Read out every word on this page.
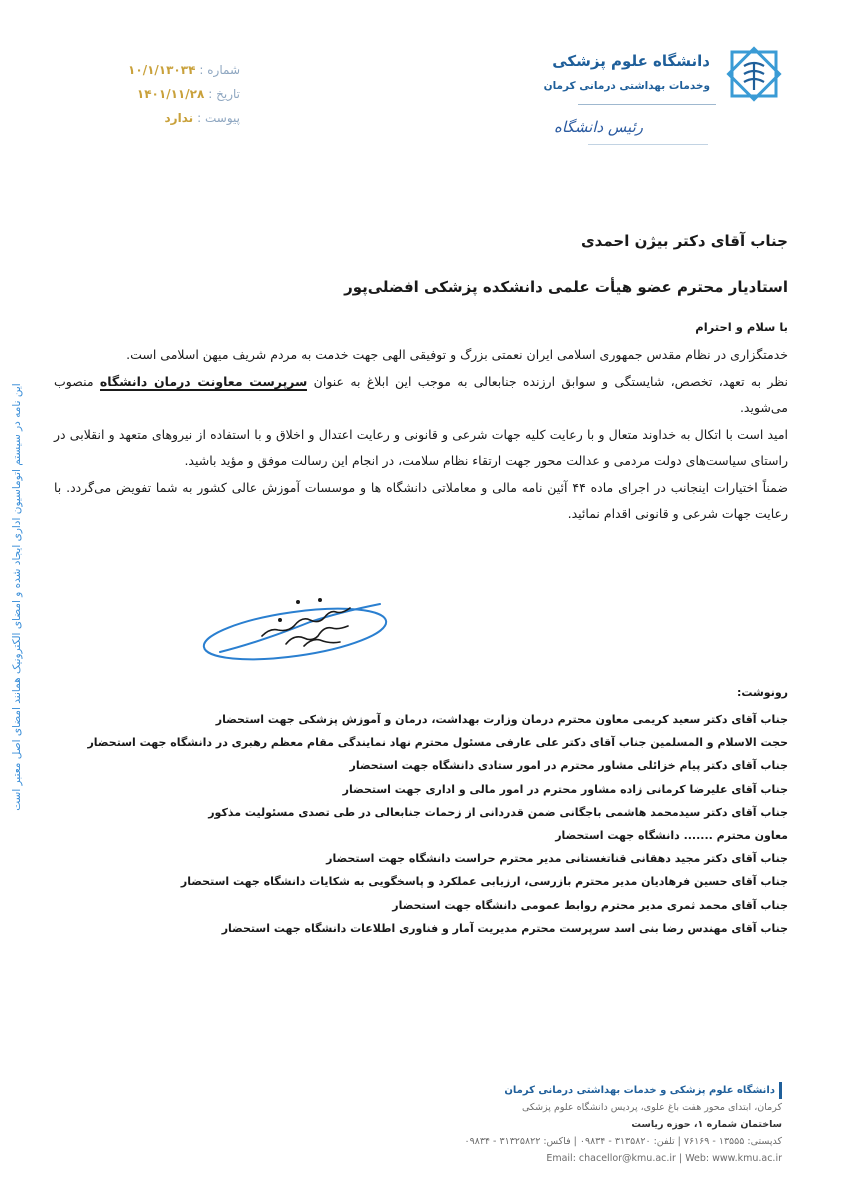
دانشگاه علوم پزشکی
وخدمات بهداشتی درمانی کرمان
رئیس دانشگاه
شماره :
۱۰/۱/۱۳۰۳۴
تاریخ :
۱۴۰۱/۱۱/۲۸
پیوست :
ندارد
جناب آقای دکتر بیژن احمدی
استادیار محترم عضو هیأت علمی دانشکده پزشکی افضلی‌پور
با سلام و احترام

خدمتگزاری در نظام مقدس جمهوری اسلامی ایران نعمتی بزرگ و توفیقی الهی جهت خدمت به مردم شریف میهن اسلامی است.

نظر به تعهد، تخصص، شایستگی و سوابق ارزنده جنابعالی به موجب این ابلاغ به عنوان سرپرست معاونت درمان دانشگاه منصوب می‌شوید.

امید است با اتکال به خداوند متعال و با رعایت کلیه جهات شرعی و قانونی و رعایت اعتدال و اخلاق و با استفاده از نیروهای متعهد و انقلابی در راستای سیاست‌های دولت مردمی و عدالت محور جهت ارتقاء نظام سلامت، در انجام این رسالت موفق و مؤید باشید.

ضمناً اختیارات اینجانب در اجرای ماده ۴۴ آئین نامه مالی و معاملاتی دانشگاه ها و موسسات آموزش عالی کشور به شما تفویض می‌گردد. با رعایت جهات شرعی و قانونی اقدام نمائید.

رونوشت:
جناب آقای دکتر سعید کریمی معاون محترم درمان وزارت بهداشت، درمان و آموزش پزشکی جهت استحضار
حجت الاسلام و المسلمین جناب آقای دکتر علی عارفی مسئول محترم نهاد نمایندگی مقام معظم رهبری در دانشگاه جهت استحضار
جناب آقای دکتر پیام خزائلی مشاور محترم در امور ستادی دانشگاه جهت استحضار
جناب آقای علیرضا کرمانی زاده مشاور محترم در امور مالی و اداری جهت استحضار
جناب آقای دکتر سیدمحمد هاشمی باجگانی ضمن قدردانی از زحمات جنابعالی در طی تصدی مسئولیت مذکور
معاون محترم ....... دانشگاه جهت استحضار
جناب آقای دکتر مجید دهقانی قناتغستانی مدیر محترم حراست دانشگاه جهت استحضار
جناب آقای حسین فرهادیان مدیر محترم بازرسی، ارزیابی عملکرد و پاسخگویی به شکایات دانشگاه جهت استحضار
جناب آقای محمد ثمری مدیر محترم روابط عمومی دانشگاه جهت استحضار
جناب آقای مهندس رضا بنی اسد سرپرست محترم مدیریت آمار و فناوری اطلاعات دانشگاه جهت استحضار
این نامه در سیستم اتوماسیون اداری ایجاد شده و امضای الکترونیک همانند امضای اصل معتبر است
دانشگاه علوم پزشکی و خدمات بهداشتی درمانی کرمان
کرمان، ابتدای محور هفت باغ علوی، پردیس دانشگاه علوم پزشکی
ساختمان شماره ۱، حوزه ریاست
کدپستی: ۱۳۵۵۵ - ۷۶۱۶۹ | تلفن: ۳۱۳۵۸۲۰ - ۰۹۸۳۴ | فاکس: ۳۱۳۲۵۸۲۲ - ۰۹۸۳۴
Email: chacellor@kmu.ac.ir | Web: www.kmu.ac.ir
